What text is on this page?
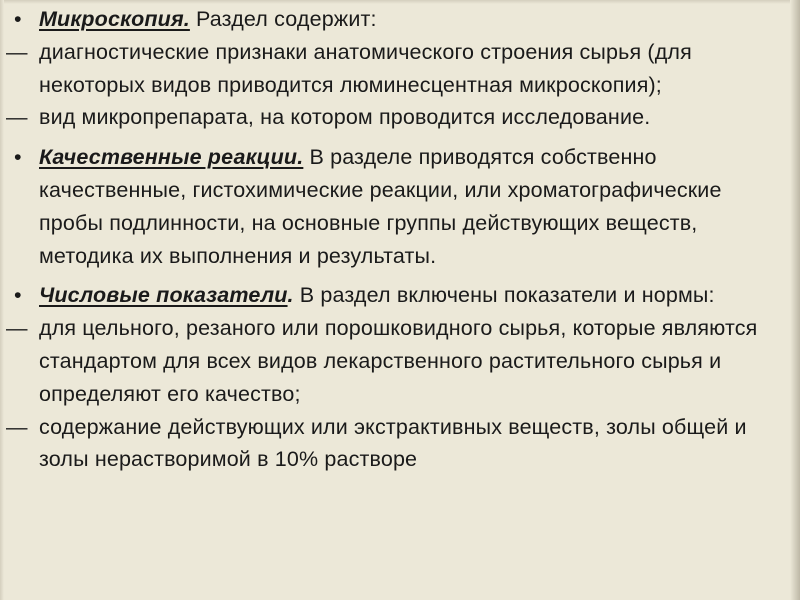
• Микроскопия. Раздел содержит:

— диагностические признаки анатомического строения сырья (для некоторых видов приводится люминесцентная микроскопия);

— вид микропрепарата, на котором проводится исследование.

• Качественные реакции. В разделе приводятся собственно качественные, гистохимические реакции, или хроматографические пробы подлинности, на основные группы действующих веществ, методика их выполнения и результаты.

• Числовые показатели. В раздел включены показатели и нормы:

— для цельного, резаного или порошковидного сырья, которые являются стандартом для всех видов лекарственного растительного сырья и определяют его качество;

— содержание действующих или экстрактивных веществ, золы общей и золы нерастворимой в 10% растворе
